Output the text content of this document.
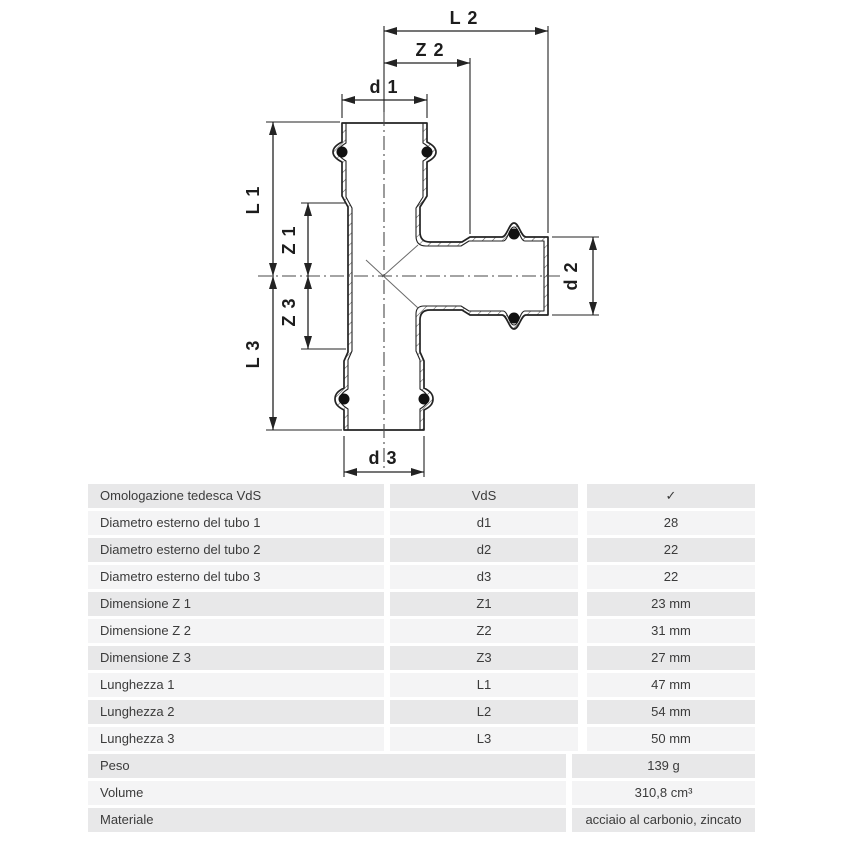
L 2
Z 2
d 1
d 3
d 2
L 1
Z 1
Z 3
L 3
Omologazione tedesca VdS	VdS	✓
Diametro esterno del tubo 1	d1	28
Diametro esterno del tubo 2	d2	22
Diametro esterno del tubo 3	d3	22
Dimensione Z 1	Z1	23 mm
Dimensione Z 2	Z2	31 mm
Dimensione Z 3	Z3	27 mm
Lunghezza 1	L1	47 mm
Lunghezza 2	L2	54 mm
Lunghezza 3	L3	50 mm
Peso	139 g
Volume	310,8 cm³
Materiale	acciaio al carbonio, zincato
